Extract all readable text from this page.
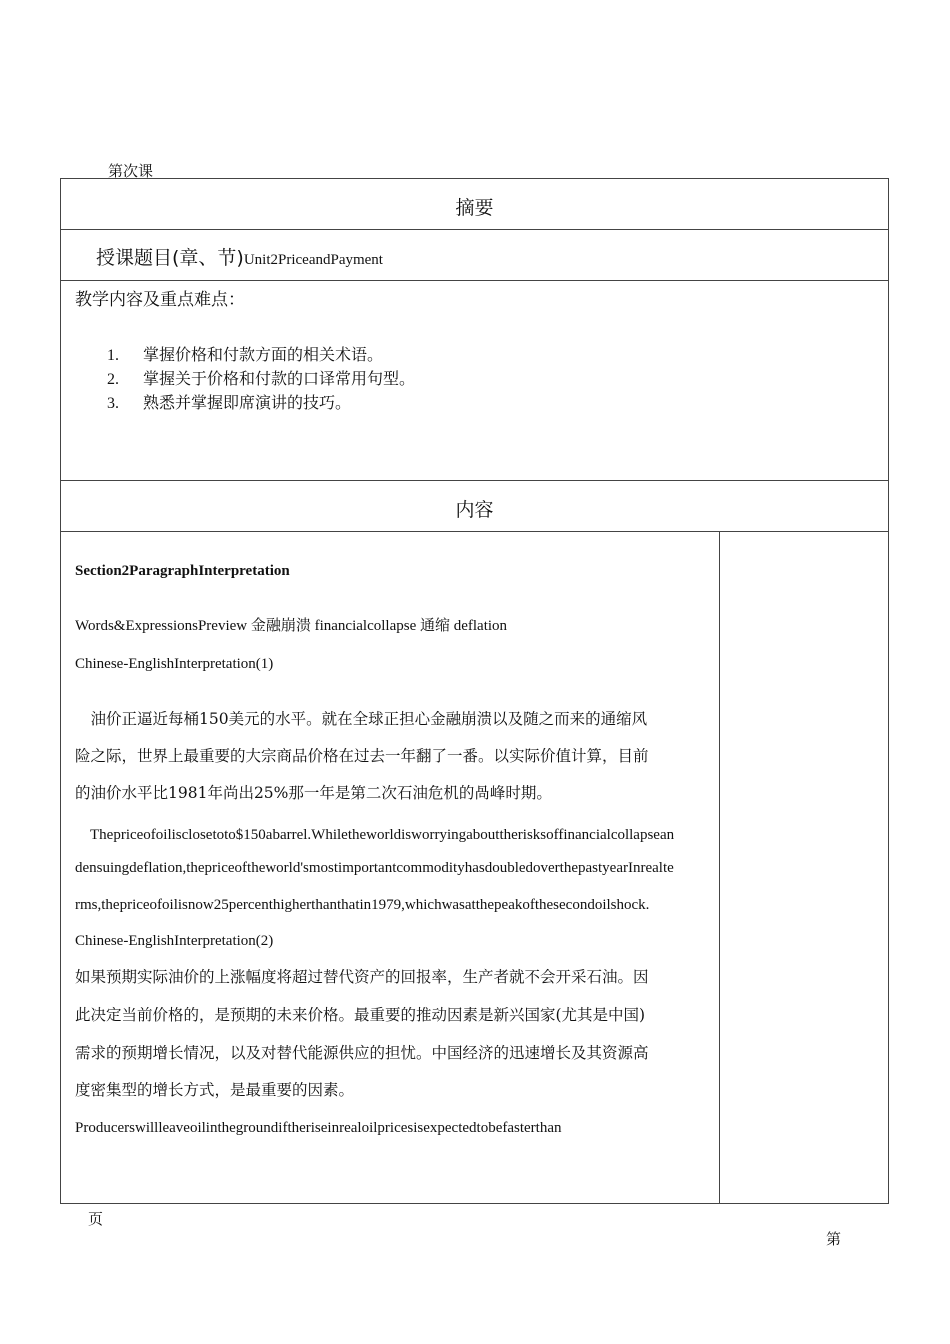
第次课
摘要
授课题目(章、节)Unit2PriceandPayment
教学内容及重点难点：
1. 掌握价格和付款方面的相关术语。
2. 掌握关于价格和付款的口译常用句型。
3. 熟悉并掌握即席演讲的技巧。
内容
Section2ParagraphInterpretation
Words&ExpressionsPreview 金融崩溃 financialcollapse 通缩 deflation
Chinese-EnglishInterpretation(1)
　油价正逼近每桶150美元的水平。就在全球正担心金融崩溃以及随之而来的通缩风
险之际，世界上最重要的大宗商品价格在过去一年翻了一番。以实际价值计算，目前
的油价水平比1981年尚出25%那一年是第二次石油危机的咼峰时期。
　Thepriceofoilisclosetoto$150abarrel.Whiletheworldisworryingabouttherisksoffinancialcollapsean
densuingdeflation,thepriceoftheworld'smostimportantcommodityhasdoubledoverthepastyearInrealte
rms,thepriceofoilisnow25percenthigherthanthatin1979,whichwasatthepeakofthesecondoilshock.
Chinese-EnglishInterpretation(2)
如果预期实际油价的上涨幅度将超过替代资产的回报率，生产者就不会开采石油。因
此决定当前价格的，是预期的未来价格。最重要的推动因素是新兴国家(尤其是中国)
需求的预期增长情况，以及对替代能源供应的担忧。中国经济的迅速增长及其资源高
度密集型的增长方式，是最重要的因素。
Producerswillleaveoilinthegroundiftheriseinrealoilpricesisexpectedtobefasterthan
页
第
